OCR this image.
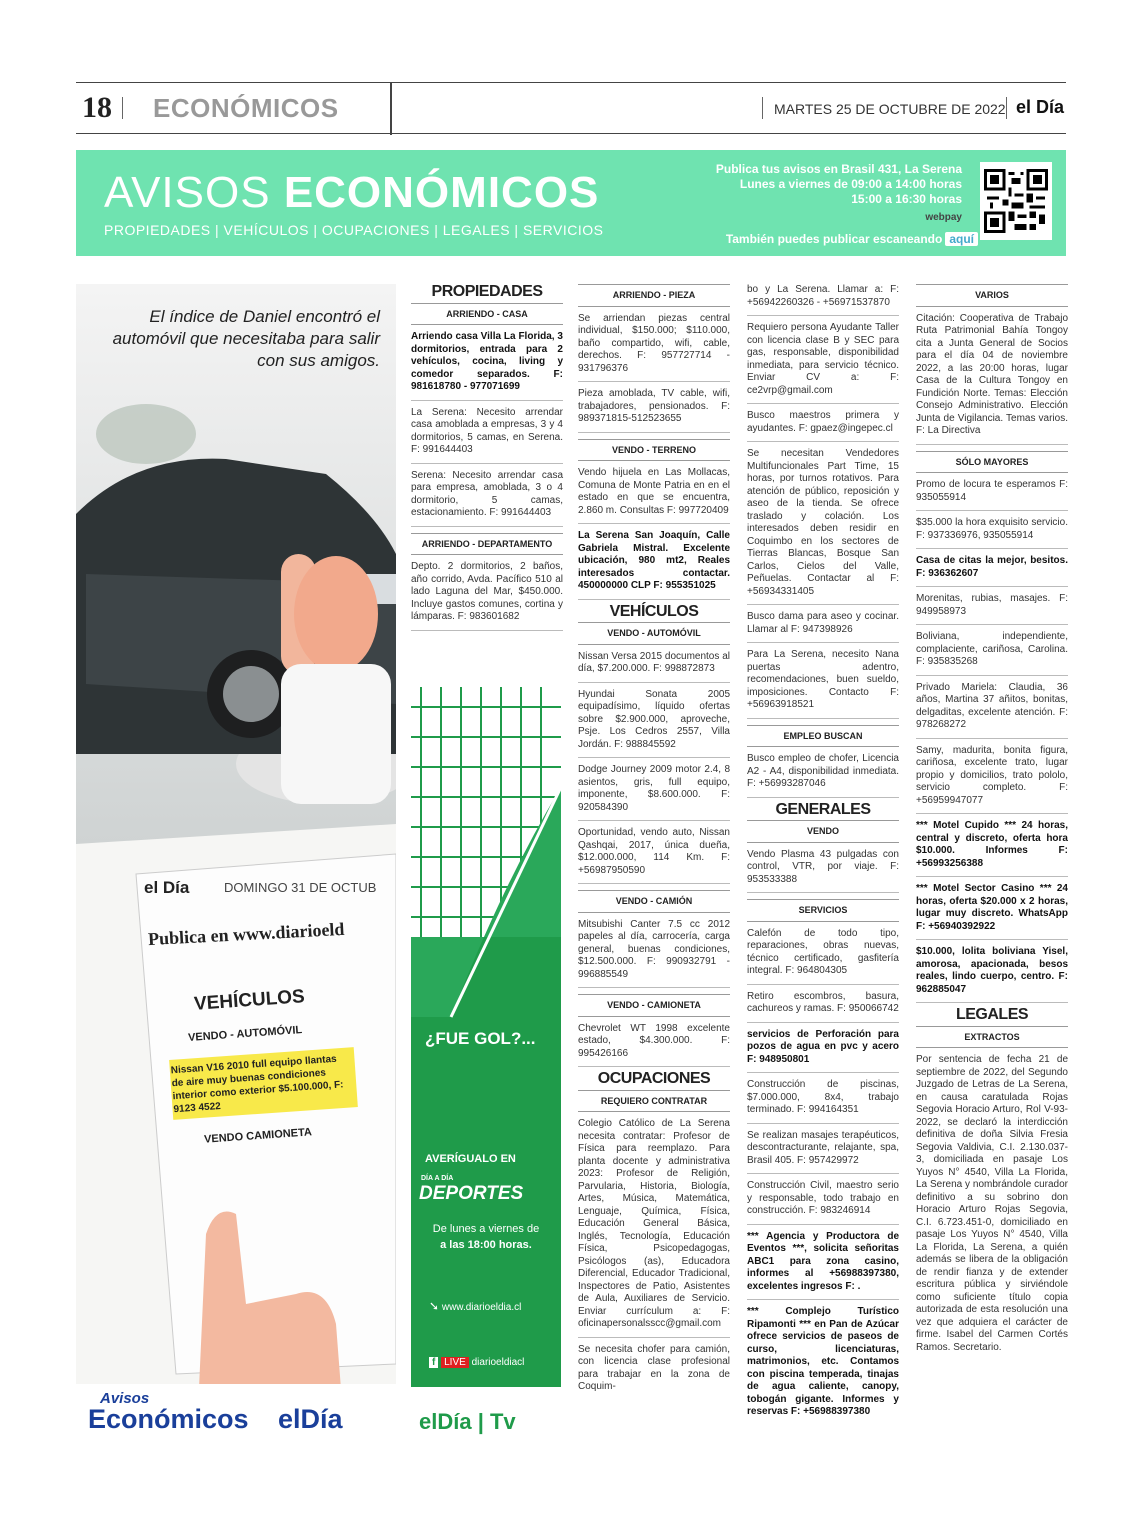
18 ECONÓMICOS	MARTES 25 DE OCTUBRE DE 2022 el Día
AVISOS ECONÓMICOS
PROPIEDADES | VEHÍCULOS | OCUPACIONES | LEGALES | SERVICIOS
Publica tus avisos en Brasil 431, La Serena
Lunes a viernes de 09:00 a 14:00 horas
15:00 a 16:30 horas
webpay
También puedes publicar escaneando aquí
El índice de Daniel encontró el automóvil que necesitaba para salir con sus amigos.
el Día	DOMINGO 31 DE OCTUB
Publica en www.diarioeld
VEHÍCULOS
VENDO - AUTOMÓVIL
Nissan V16 2010 full equipo llantas de aire muy buenas condiciones interior como exterior $5.100.000, F: 9123 4522
VENDO CAMIONETA
Avisos
Económicos elDía
¿FUE GOL?...
AVERÍGUALO EN
DÍA A DÍA
DEPORTES
De lunes a viernes de
a las 18:00 horas.
➘ www.diarioeldia.cl
f LIVE diarioeldiacl
elDía | Tv
PROPIEDADES
ARRIENDO - CASA

Arriendo casa Villa La Florida, 3 dormitorios, entrada para 2 vehículos, cocina, living y comedor separados. F: 981618780 - 977071699

La Serena: Necesito arrendar casa amoblada a empresas, 3 y 4 dormitorios, 5 camas, en Serena. F: 991644403

Serena: Necesito arrendar casa para empresa, amoblada, 3 o 4 dormitorio, 5 camas, estacionamiento. F: 991644403

ARRIENDO - DEPARTAMENTO

Depto. 2 dormitorios, 2 baños, año corrido, Avda. Pacífico 510 al lado Laguna del Mar, $450.000. Incluye gastos comunes, cortina y lámparas. F: 983601682

ARRIENDO - PIEZA

Se arriendan piezas central individual, $150.000; $110.000, baño compartido, wifi, cable, derechos. F: 957727714 - 931796376

Pieza amoblada, TV cable, wifi, trabajadores, pensionados. F: 989371815-512523655

VENDO - TERRENO

Vendo hijuela en Las Mollacas, Comuna de Monte Patria en en el estado en que se encuentra, 2.860 m. Consultas F: 997720409

La Serena San Joaquín, Calle Gabriela Mistral. Excelente ubicación, 980 mt2, Reales interesados contactar. 450000000 CLP F: 955351025

VEHÍCULOS
VENDO - AUTOMÓVIL

Nissan Versa 2015 documentos al día, $7.200.000. F: 998872873

Hyundai Sonata 2005 equipadísimo, líquido ofertas sobre $2.900.000, aproveche, Psje. Los Cedros 2557, Villa Jordán. F: 988845592

Dodge Journey 2009 motor 2.4, 8 asientos, gris, full equipo, imponente, $8.600.000. F: 920584390

Oportunidad, vendo auto, Nissan Qashqai, 2017, única dueña, $12.000.000, 114 Km. F: +56987950590

VENDO - CAMIÓN

Mitsubishi Canter 7.5 cc 2012 papeles al día, carrocería, carga general, buenas condiciones, $12.500.000. F: 990932791 - 996885549

VENDO - CAMIONETA

Chevrolet WT 1998 excelente estado, $4.300.000. F: 995426166

OCUPACIONES
REQUIERO CONTRATAR

Colegio Católico de La Serena necesita contratar: Profesor de Física para reemplazo. Para planta docente y administrativa 2023: Profesor de Religión, Parvularia, Historia, Biología, Artes, Música, Matemática, Lenguaje, Química, Física, Educación General Básica, Inglés, Tecnología, Educación Física, Psicopedagogas, Psicólogos (as), Educadora Diferencial, Educador Tradicional, Inspectores de Patio, Asistentes de Aula, Auxiliares de Servicio. Enviar currículum a: F: oficinapersonalsscc@gmail.com

Se necesita chofer para camión, con licencia clase profesional para trabajar en la zona de Coquim-

bo y La Serena. Llamar a: F: +56942260326 - +56971537870

Requiero persona Ayudante Taller con licencia clase B y SEC para gas, responsable, disponibilidad inmediata, para servicio técnico. Enviar CV a: F: ce2vrp@gmail.com

Busco maestros primera y ayudantes. F: gpaez@ingepec.cl

Se necesitan Vendedores Multifuncionales Part Time, 15 horas, por turnos rotativos. Para atención de público, reposición y aseo de la tienda. Se ofrece traslado y colación. Los interesados deben residir en Coquimbo en los sectores de Tierras Blancas, Bosque San Carlos, Cielos del Valle, Peñuelas. Contactar al F: +56934331405

Busco dama para aseo y cocinar. Llamar al F: 947398926

Para La Serena, necesito Nana puertas adentro, recomendaciones, buen sueldo, imposiciones. Contacto F: +56963918521

EMPLEO BUSCAN

Busco empleo de chofer, Licencia A2 - A4, disponibilidad inmediata. F: +56993287046

GENERALES
VENDO

Vendo Plasma 43 pulgadas con control, VTR, por viaje. F: 953533388

SERVICIOS

Calefón de todo tipo, reparaciones, obras nuevas, técnico certificado, gasfitería integral. F: 964804305

Retiro escombros, basura, cachureos y ramas. F: 950066742

servicios de Perforación para pozos de agua en pvc y acero F: 948950801

Construcción de piscinas, $7.000.000, 8x4, trabajo terminado. F: 994164351

Se realizan masajes terapéuticos, descontracturante, relajante, spa, Brasil 405. F: 957429972

Construcción Civil, maestro serio y responsable, todo trabajo en construcción. F: 983246914

*** Agencia y Productora de Eventos ***, solicita señoritas ABC1 para zona casino, informes al +56988397380, excelentes ingresos F: .

*** Complejo Turístico Ripamonti *** en Pan de Azúcar ofrece servicios de paseos de curso, licenciaturas, matrimonios, etc. Contamos con piscina temperada, tinajas de agua caliente, canopy, tobogán gigante. Informes y reservas F: +56988397380

VARIOS

Citación: Cooperativa de Trabajo Ruta Patrimonial Bahía Tongoy cita a Junta General de Socios para el día 04 de noviembre 2022, a las 20:00 horas, lugar Casa de la Cultura Tongoy en Fundición Norte. Temas: Elección Consejo Administrativo. Elección Junta de Vigilancia. Temas varios. F: La Directiva

SÓLO MAYORES

Promo de locura te esperamos F: 935055914

$35.000 la hora exquisito servicio. F: 937336976, 935055914

Casa de citas la mejor, besitos. F: 936362607

Morenitas, rubias, masajes. F: 949958973

Boliviana, independiente, complaciente, cariñosa, Carolina. F: 935835268

Privado Mariela: Claudia, 36 años, Martina 37 añitos, bonitas, delgaditas, excelente atención. F: 978268272

Samy, madurita, bonita figura, cariñosa, excelente trato, lugar propio y domicilios, trato pololo, servicio completo. F: +56959947077

*** Motel Cupido *** 24 horas, central y discreto, oferta hora $10.000. Informes F: +56993256388

*** Motel Sector Casino *** 24 horas, oferta $20.000 x 2 horas, lugar muy discreto. WhatsApp F: +56940392922

$10.000, lolita boliviana Yisel, amorosa, apacionada, besos reales, lindo cuerpo, centro. F: 962885047

LEGALES
EXTRACTOS

Por sentencia de fecha 21 de septiembre de 2022, del Segundo Juzgado de Letras de La Serena, en causa caratulada Rojas Segovia Horacio Arturo, Rol V-93-2022, se declaró la interdicción definitiva de doña Silvia Fresia Segovia Valdivia, C.I. 2.130.037-3, domiciliada en pasaje Los Yuyos N° 4540, Villa La Florida, La Serena y nombrándole curador definitivo a su sobrino don Horacio Arturo Rojas Segovia, C.I. 6.723.451-0, domiciliado en pasaje Los Yuyos N° 4540, Villa La Florida, La Serena, a quién además se libera de la obligación de rendir fianza y de extender escritura pública y sirviéndole como suficiente título copia autorizada de esta resolución una vez que adquiera el carácter de firme. Isabel del Carmen Cortés Ramos. Secretario.
